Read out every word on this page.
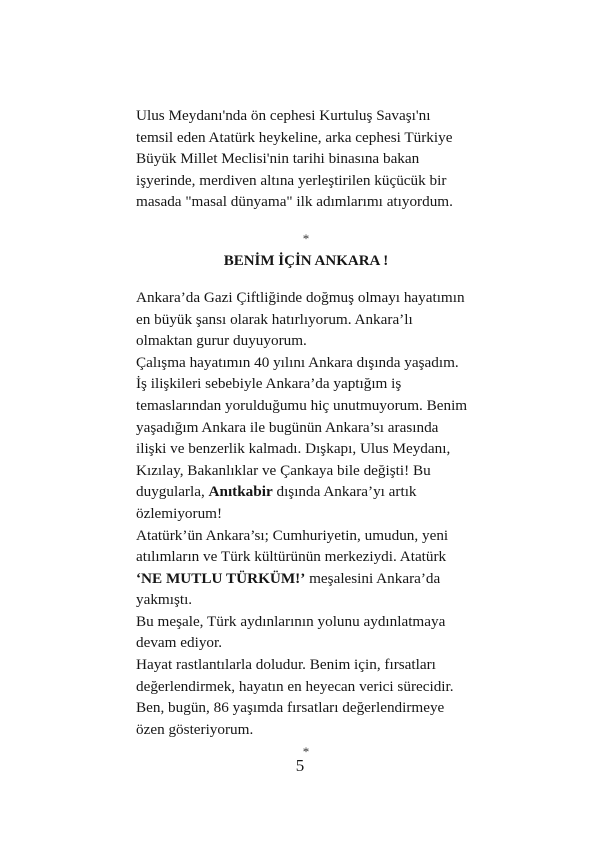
Ulus Meydanı'nda ön cephesi Kurtuluş Savaşı'nı
temsil eden Atatürk heykeline, arka cephesi Türkiye
Büyük Millet Meclisi'nin tarihi binasına bakan
işyerinde, merdiven altına yerleştirilen küçücük bir
masada "masal dünyama" ilk adımlarımı atıyordum.

*
BENİM İÇİN ANKARA !

Ankara’da Gazi Çiftliğinde doğmuş olmayı hayatımın
en büyük şansı olarak hatırlıyorum. Ankara’lı
olmaktan gurur duyuyorum.
Çalışma hayatımın 40 yılını Ankara dışında yaşadım.
İş ilişkileri sebebiyle Ankara’da yaptığım iş
temaslarından yorulduğumu hiç unutmuyorum. Benim
yaşadığım Ankara ile bugünün Ankara’sı arasında
ilişki ve benzerlik kalmadı. Dışkapı, Ulus Meydanı,
Kızılay, Bakanlıklar ve Çankaya bile değişti! Bu
duygularla, Anıtkabir dışında Ankara’yı artık
özlemiyorum!
Atatürk’ün Ankara’sı; Cumhuriyetin, umudun, yeni
atılımların ve Türk kültürünün merkeziydi. Atatürk
‘NE MUTLU TÜRKÜM!’ meşalesini Ankara’da
yakmıştı.
Bu meşale, Türk aydınlarının yolunu aydınlatmaya
devam ediyor.
Hayat rastlantılarla doludur. Benim için, fırsatları
değerlendirmek, hayatın en heyecan verici sürecidir.
Ben, bugün, 86 yaşımda fırsatları değerlendirmeye
özen gösteriyorum.

*
5
